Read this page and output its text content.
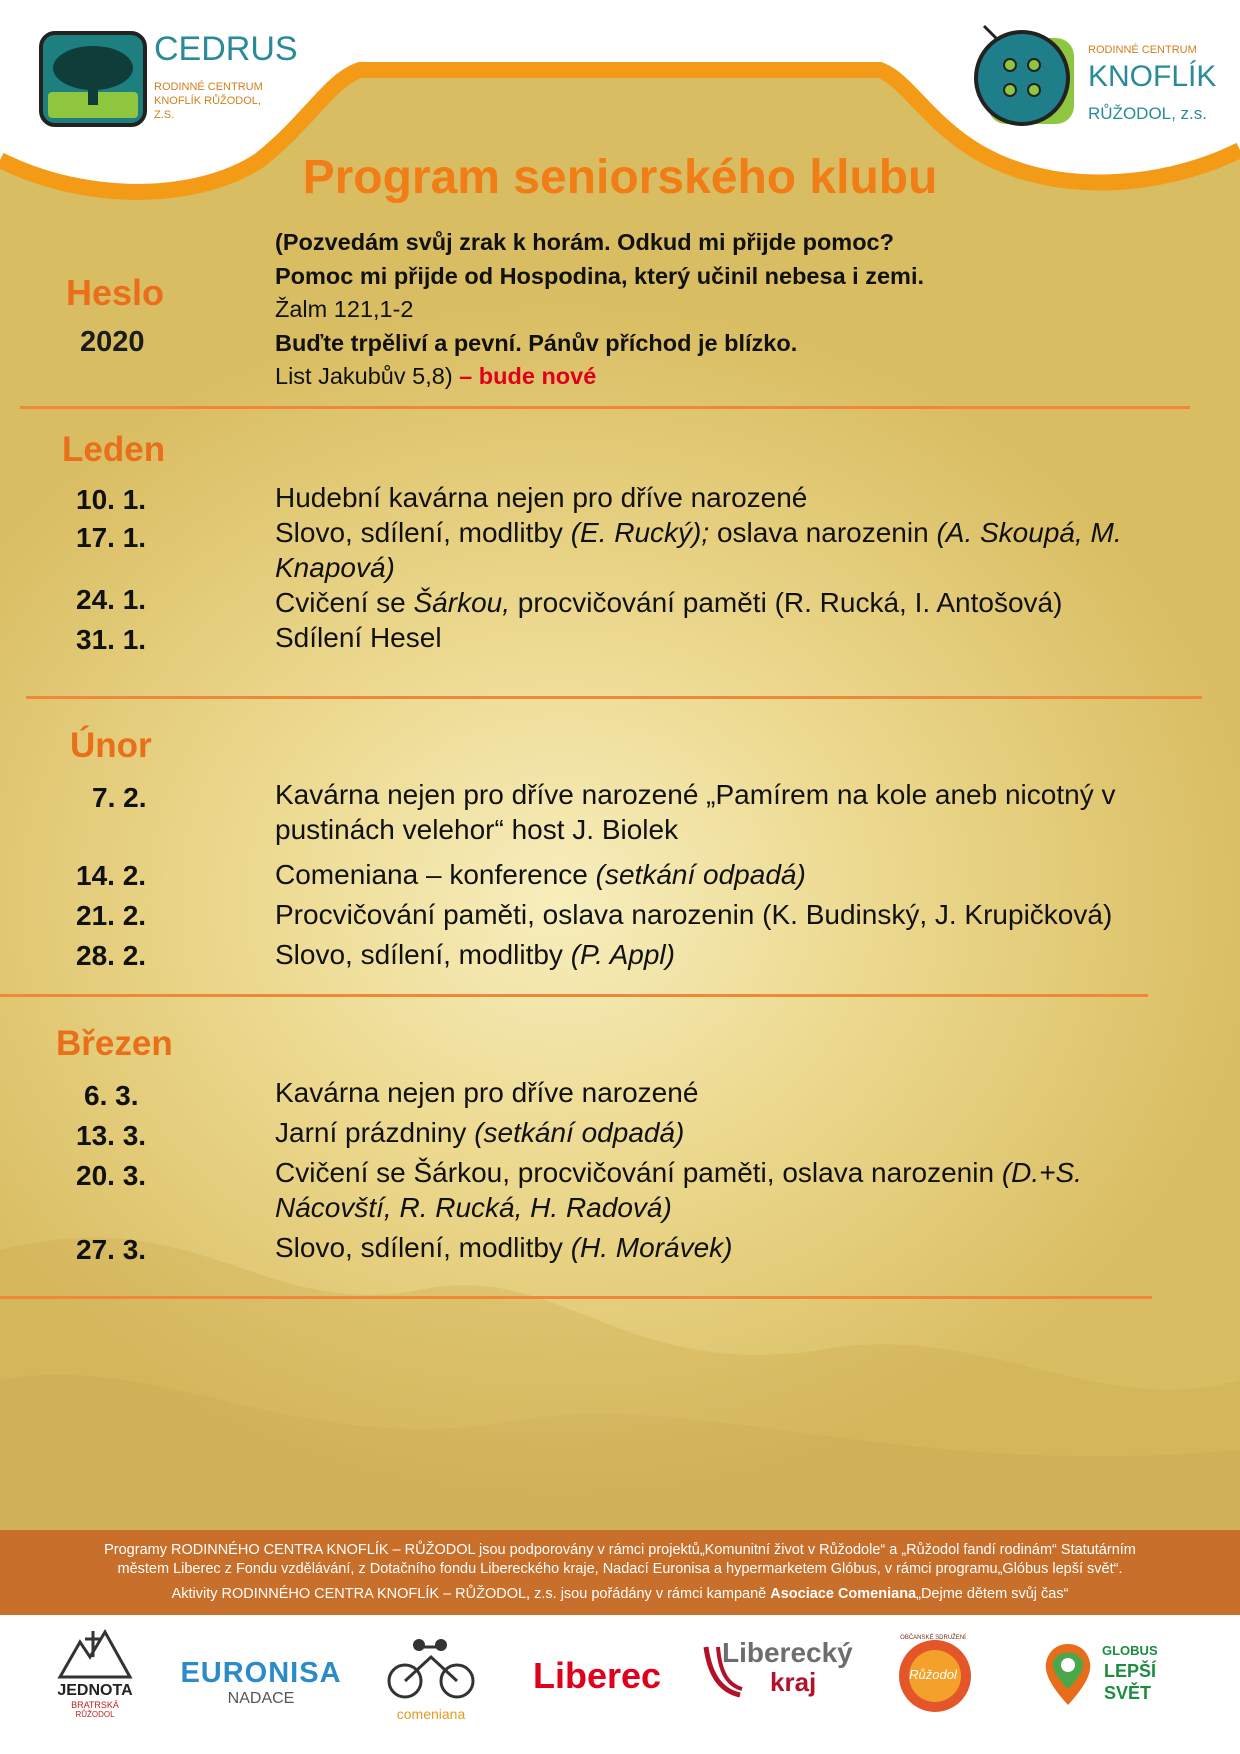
CEDRUS
RODINNÉ CENTRUM KNOFLÍK RŮŽODOL, Z.S.
RODINNÉ CENTRUM
KNOFLÍK
RŮŽODOL, z.s.
Program seniorského klubu
Heslo
2020
(Pozvedám svůj zrak k horám. Odkud mi přijde pomoc?
Pomoc mi přijde od Hospodina, který učinil nebesa i zemi.
Žalm 121,1-2
Buďte trpěliví a pevní. Pánův příchod je blízko.
List Jakubův 5,8) – bude nové
Leden
10. 1.	Hudební kavárna nejen pro dříve narozené
17. 1.	Slovo, sdílení, modlitby (E. Rucký); oslava narozenin (A. Skoupá, M. Knapová)
24. 1.	Cvičení se Šárkou, procvičování paměti (R. Rucká, I. Antošová)
31. 1.	Sdílení Hesel
Únor
7. 2.	Kavárna nejen pro dříve narozené „Pamírem na kole aneb nicotný v pustinách velehor“ host J. Biolek
14. 2.	Comeniana – konference (setkání odpadá)
21. 2.	Procvičování paměti, oslava narozenin (K. Budinský, J. Krupičková)
28. 2.	Slovo, sdílení, modlitby (P. Appl)
Březen
6. 3.	Kavárna nejen pro dříve narozené
13. 3.	Jarní prázdniny (setkání odpadá)
20. 3.	Cvičení se Šárkou, procvičování paměti, oslava narozenin (D.+S. Nácovští, R. Rucká, H. Radová)
27. 3.	Slovo, sdílení, modlitby (H. Morávek)

Programy RODINNÉHO CENTRA KNOFLÍK – RŮŽODOL jsou podporovány v rámci projektů„Komunitní život v Růžodole“ a „Růžodol fandí rodinám“ Statutárním

městem Liberec z Fondu vzdělávání, z Dotačního fondu Libereckého kraje, Nadací Euronisa a hypermarketem Glóbus, v rámci programu„Glóbus lepší svět“.

Aktivity RODINNÉHO CENTRA KNOFLÍK – RŮŽODOL, z.s. jsou pořádány v rámci kampaně Asociace Comeniana„Dejme dětem svůj čas“

JEDNOTA
BRATRSKÁ
RŮŽODOL
EURONISA
NADACE
comeniana
Liberec
Liberecký
kraj	Růžodol
OBČANSKÉ SDRUŽENÍ
GLOBUS
LEPŠÍ
SVĚT
